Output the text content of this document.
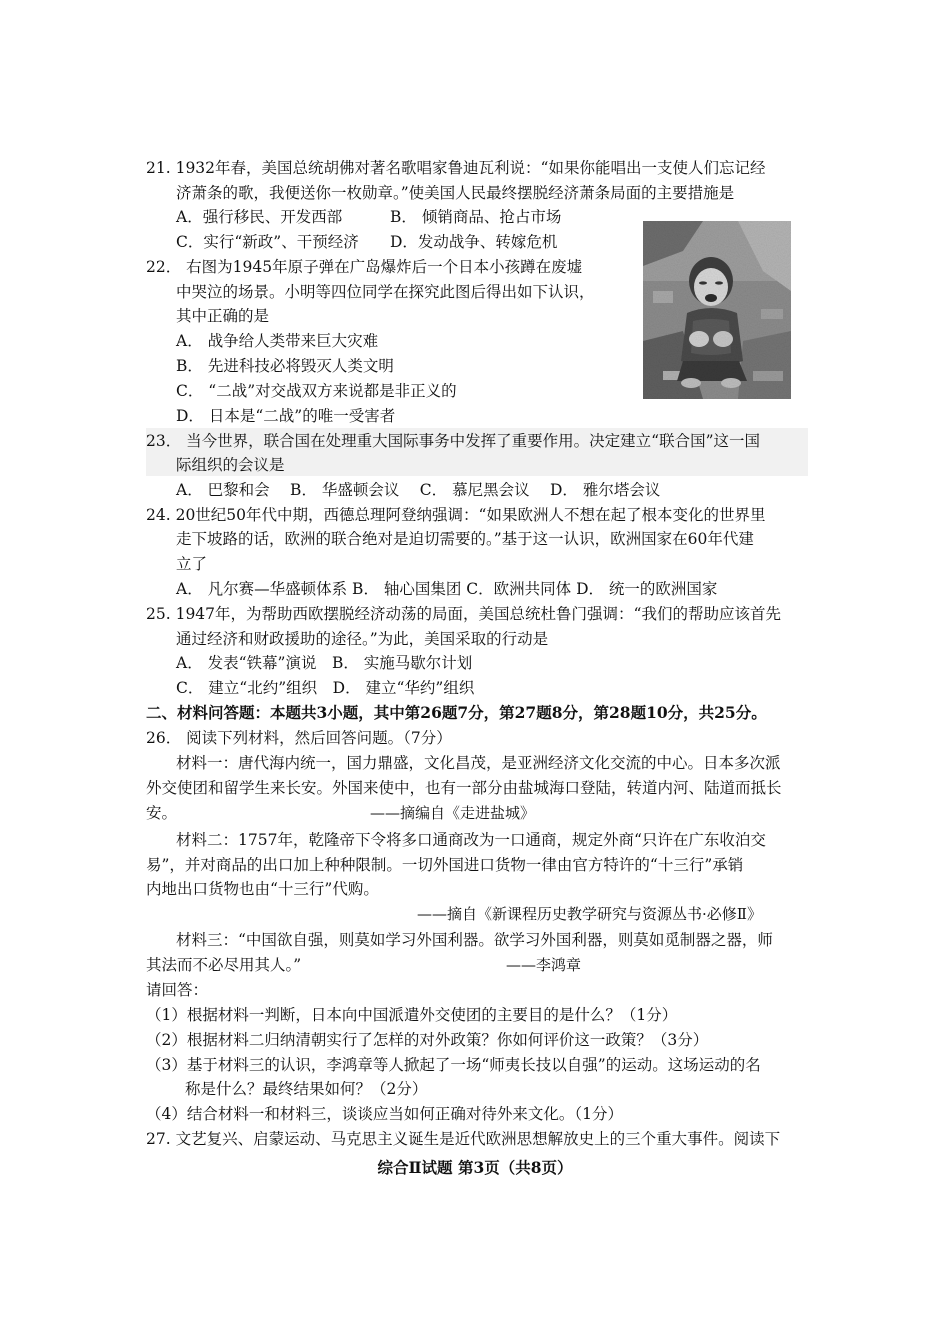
21. 1932年春，美国总统胡佛对著名歌唱家鲁迪瓦利说：“如果你能唱出一支使人们忘记经
济萧条的歌，我便送你一枚勋章。”使美国人民最终摆脱经济萧条局面的主要措施是
A．强行移民、开发西部	B． 倾销商品、抢占市场
C．实行“新政”、干预经济 D．发动战争、转嫁危机
22． 右图为1945年原子弹在广岛爆炸后一个日本小孩蹲在废墟
中哭泣的场景。小明等四位同学在探究此图后得出如下认识，
其中正确的是
A． 战争给人类带来巨大灾难
B． 先进科技必将毁灭人类文明
C． “二战”对交战双方来说都是非正义的
D． 日本是“二战”的唯一受害者
23． 当今世界，联合国在处理重大国际事务中发挥了重要作用。决定建立“联合国”这一国
际组织的会议是
A． 巴黎和会　 B． 华盛顿会议　 C． 慕尼黑会议　 D． 雅尔塔会议
24. 20世纪50年代中期，西德总理阿登纳强调：“如果欧洲人不想在起了根本变化的世界里
走下坡路的话，欧洲的联合绝对是迫切需要的。”基于这一认识，欧洲国家在60年代建
立了
A． 凡尔赛—华盛顿体系 B． 轴心国集团 C．欧洲共同体 D． 统一的欧洲国家
25. 1947年，为帮助西欧摆脱经济动荡的局面，美国总统杜鲁门强调：“我们的帮助应该首先
通过经济和财政援助的途径。”为此，美国采取的行动是
A． 发表“铁幕”演说　B． 实施马歇尔计划
C． 建立“北约”组织　D． 建立“华约”组织
二、材料问答题：本题共3小题，其中第26题7分，第27题8分，第28题10分，共25分。
26． 阅读下列材料，然后回答问题。（7分）
材料一：唐代海内统一，国力鼎盛，文化昌茂，是亚洲经济文化交流的中心。日本多次派
外交使团和留学生来长安。外国来使中，也有一部分由盐城海口登陆，转道内河、陆道而抵长
安。	——摘编自《走进盐城》
材料二：1757年，乾隆帝下令将多口通商改为一口通商，规定外商“只许在广东收泊交
易”，并对商品的出口加上种种限制。一切外国进口货物一律由官方特许的“十三行”承销
内地出口货物也由“十三行”代购。
——摘自《新课程历史教学研究与资源丛书·必修Ⅱ》
材料三：“中国欲自强，则莫如学习外国利器。欲学习外国利器，则莫如觅制器之器，师
其法而不必尽用其人。”	——李鸿章
请回答：
（1）根据材料一判断，日本向中国派遣外交使团的主要目的是什么？（1分）
（2）根据材料二归纳清朝实行了怎样的对外政策？你如何评价这一政策？（3分）
（3）基于材料三的认识，李鸿章等人掀起了一场“师夷长技以自强”的运动。这场运动的名
称是什么？最终结果如何？（2分）
（4）结合材料一和材料三，谈谈应当如何正确对待外来文化。（1分）
27. 文艺复兴、启蒙运动、马克思主义诞生是近代欧洲思想解放史上的三个重大事件。阅读下
综合Ⅱ试题 第3页（共8页）
